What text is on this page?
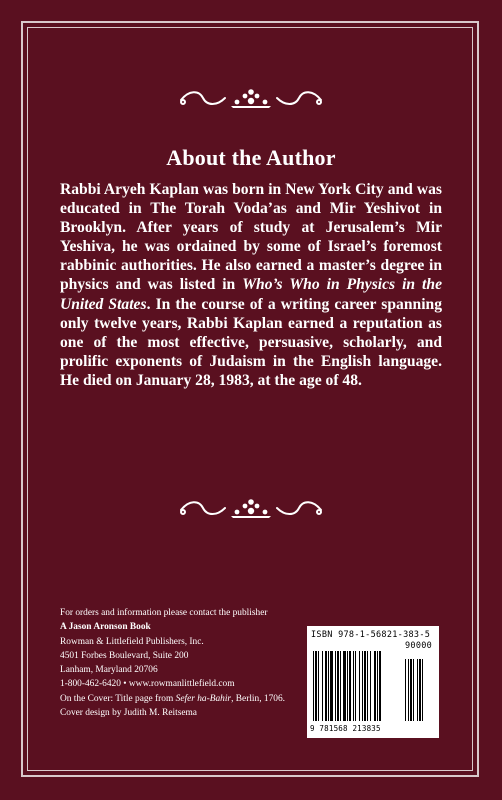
About the Author

Rabbi Aryeh Kaplan was born in New York City and was educated in The Torah Voda’as and Mir Yeshivot in Brooklyn. After years of study at Jerusalem’s Mir Yeshiva, he was ordained by some of Israel’s foremost rabbinic authorities. He also earned a master’s degree in physics and was listed in Who’s Who in Physics in the United States. In the course of a writing career spanning only twelve years, Rabbi Kaplan earned a reputation as one of the most effective, persuasive, scholarly, and prolific exponents of Judaism in the English language. He died on January 28, 1983, at the age of 48.

For orders and information please contact the publisher
A Jason Aronson Book
Rowman & Littlefield Publishers, Inc.
4501 Forbes Boulevard, Suite 200
Lanham, Maryland 20706
1-800-462-6420 • www.rowmanlittlefield.com
On the Cover: Title page from Sefer ha-Bahir, Berlin, 1706.
Cover design by Judith M. Reitsema
ISBN 978-1-56821-383-5
90000
9 781568 213835
